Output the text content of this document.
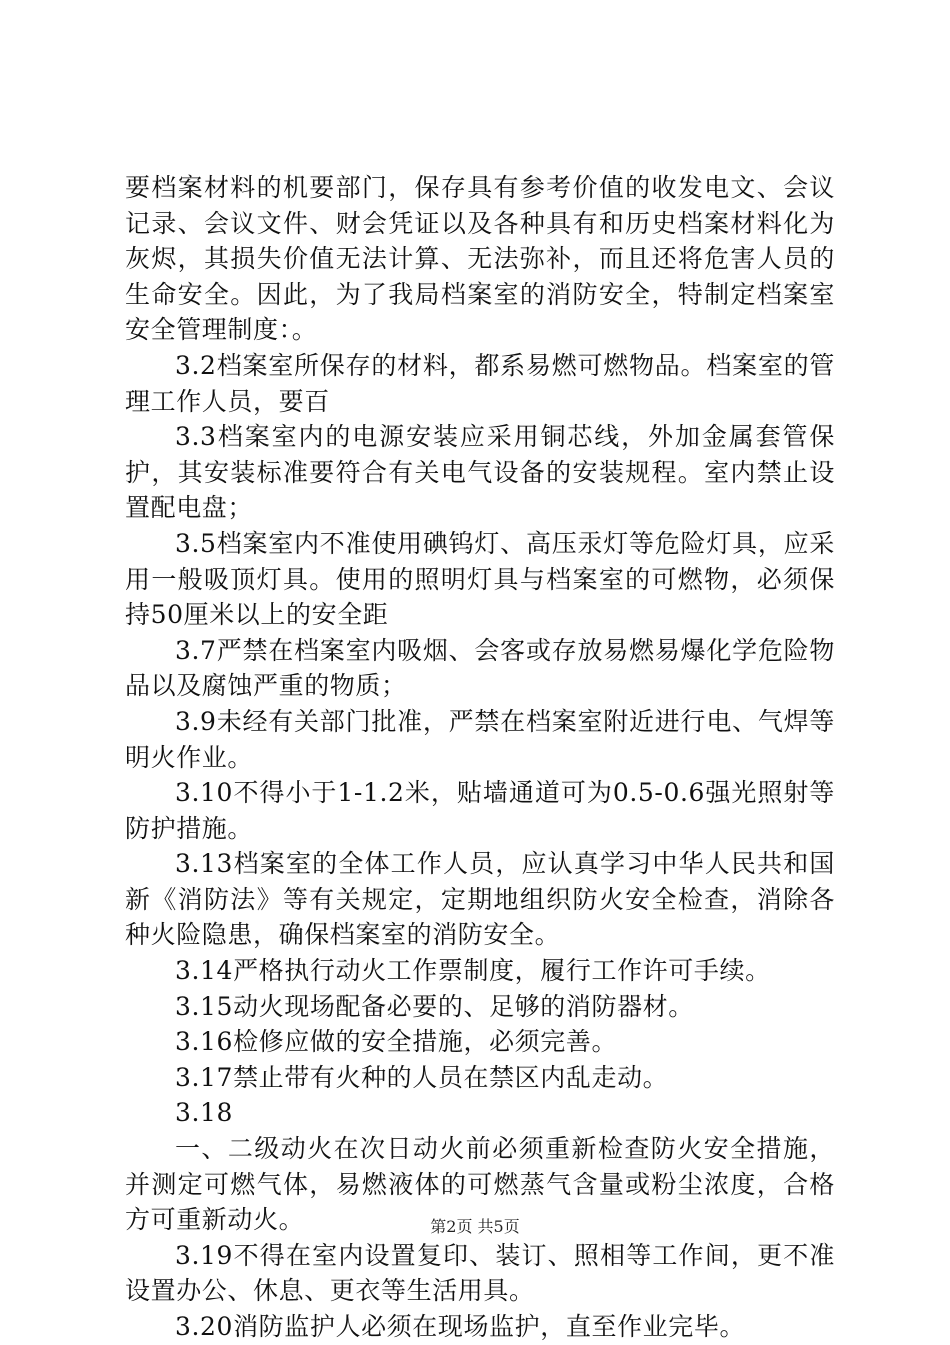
要档案材料的机要部门，保存具有参考价值的收发电文、会议记录、会议文件、财会凭证以及各种具有和历史档案材料化为灰烬，其损失价值无法计算、无法弥补，而且还将危害人员的生命安全。因此，为了我局档案室的消防安全，特制定档案室安全管理制度：。

3.2档案室所保存的材料，都系易燃可燃物品。档案室的管理工作人员，要百

3.3档案室内的电源安装应采用铜芯线，外加金属套管保护，其安装标准要符合有关电气设备的安装规程。室内禁止设置配电盘；

3.5档案室内不准使用碘钨灯、高压汞灯等危险灯具，应采用一般吸顶灯具。使用的照明灯具与档案室的可燃物，必须保持50厘米以上的安全距

3.7严禁在档案室内吸烟、会客或存放易燃易爆化学危险物品以及腐蚀严重的物质；

3.9未经有关部门批准，严禁在档案室附近进行电、气焊等明火作业。

3.10不得小于1-1.2米，贴墙通道可为0.5-0.6强光照射等防护措施。

3.13档案室的全体工作人员，应认真学习中华人民共和国新《消防法》等有关规定，定期地组织防火安全检查，消除各种火险隐患，确保档案室的消防安全。

3.14严格执行动火工作票制度，履行工作许可手续。

3.15动火现场配备必要的、足够的消防器材。

3.16检修应做的安全措施，必须完善。

3.17禁止带有火种的人员在禁区内乱走动。

3.18

一、二级动火在次日动火前必须重新检查防火安全措施，并测定可燃气体，易燃液体的可燃蒸气含量或粉尘浓度，合格方可重新动火。

3.19不得在室内设置复印、装订、照相等工作间，更不准设置办公、休息、更衣等生活用具。

3.20消防监护人必须在现场监护，直至作业完毕。

第2页 共5页
